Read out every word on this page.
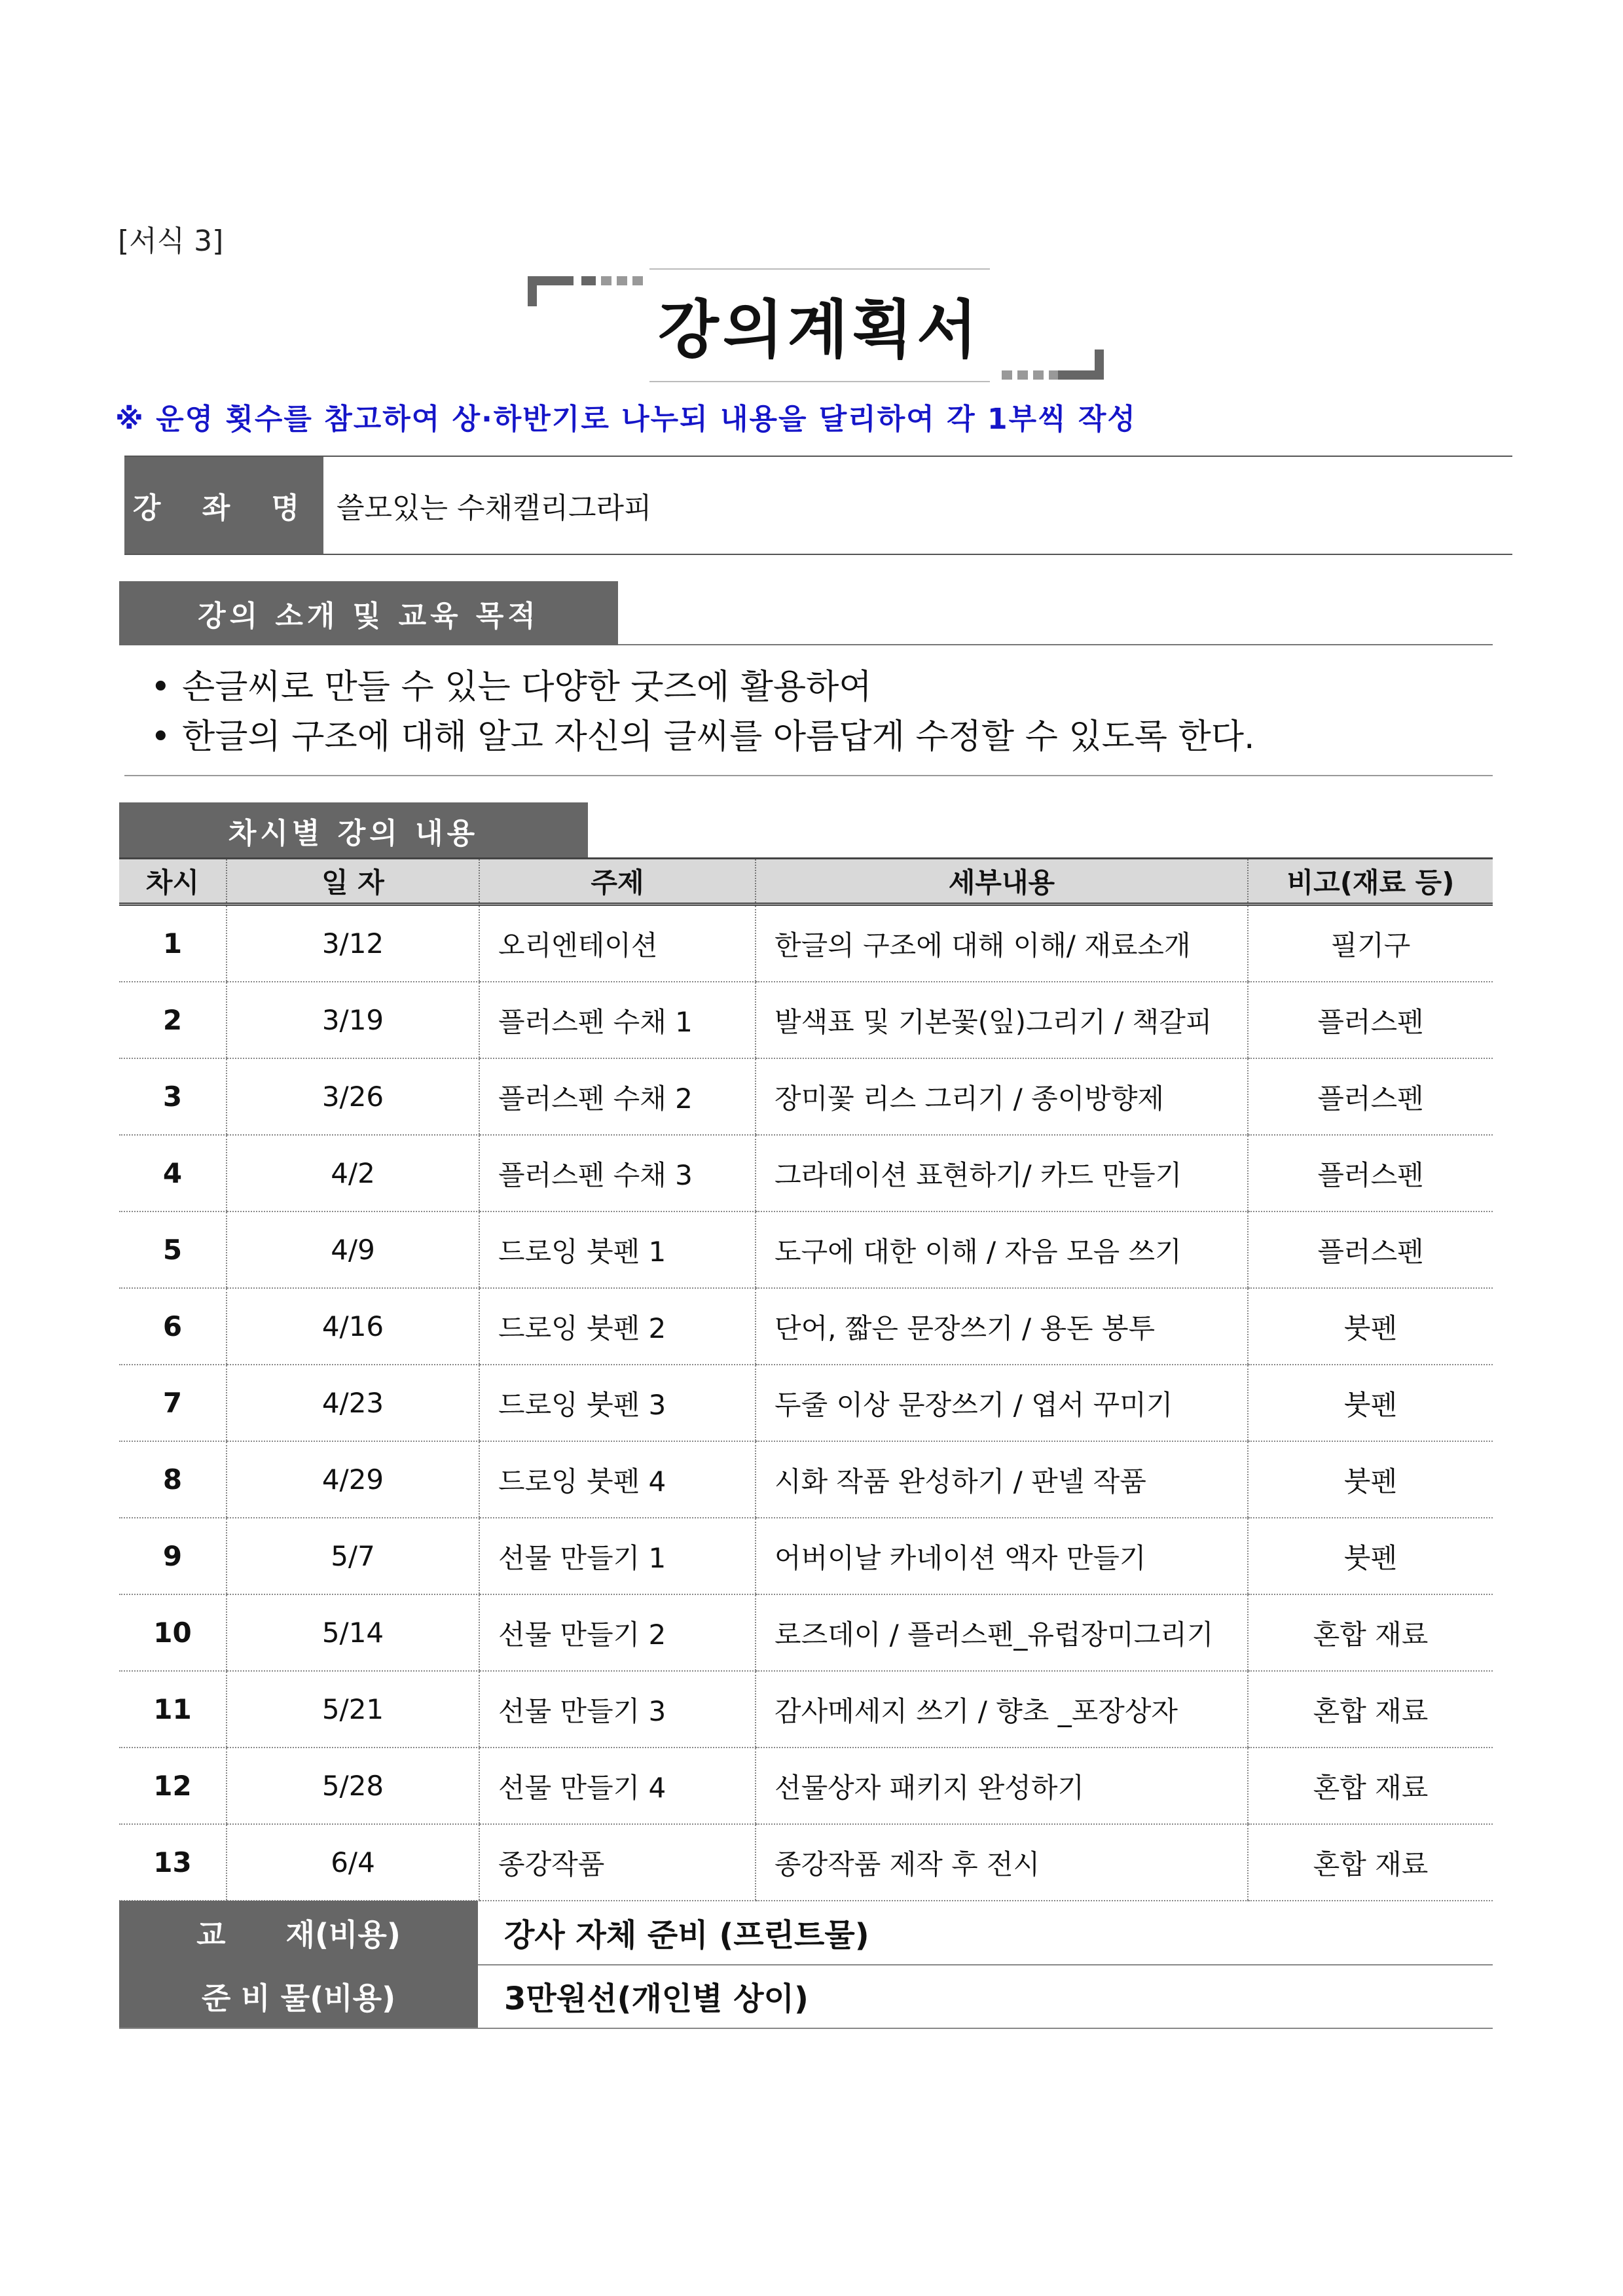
[서식 3]
강의계획서
※ 운영 횟수를 참고하여 상·하반기로 나누되 내용을 달리하여 각 1부씩 작성
강 좌 명 쓸모있는 수채캘리그라피
강의 소개 및 교육 목적
• 손글씨로 만들 수 있는 다양한 굿즈에 활용하여
• 한글의 구조에 대해 알고 자신의 글씨를 아름답게 수정할 수 있도록 한다.
차시별 강의 내용
차시	일 자	주제	세부내용	비고(재료 등)
1	3/12	오리엔테이션	한글의 구조에 대해 이해/ 재료소개	필기구
2	3/19	플러스펜 수채 1	발색표 및 기본꽃(잎)그리기 / 책갈피	플러스펜
3	3/26	플러스펜 수채 2	장미꽃 리스 그리기 / 종이방향제	플러스펜
4	4/2	플러스펜 수채 3	그라데이션 표현하기/ 카드 만들기	플러스펜
5	4/9	드로잉 붓펜 1	도구에 대한 이해 / 자음 모음 쓰기	플러스펜
6	4/16	드로잉 붓펜 2	단어, 짧은 문장쓰기 / 용돈 봉투	붓펜
7	4/23	드로잉 붓펜 3	두줄 이상 문장쓰기 / 엽서 꾸미기	붓펜
8	4/29	드로잉 붓펜 4	시화 작품 완성하기 / 판넬 작품	붓펜
9	5/7	선물 만들기 1	어버이날 카네이션 액자 만들기	붓펜
10	5/14	선물 만들기 2	로즈데이 / 플러스펜_유럽장미그리기	혼합 재료
11	5/21	선물 만들기 3	감사메세지 쓰기 / 향초 _포장상자	혼합 재료
12	5/28	선물 만들기 4	선물상자 패키지 완성하기	혼합 재료
13	6/4	종강작품	종강작품 제작 후 전시	혼합 재료
교　　재(비용)	강사 자체 준비 (프린트물)
준 비 물(비용)	3만원선(개인별 상이)
